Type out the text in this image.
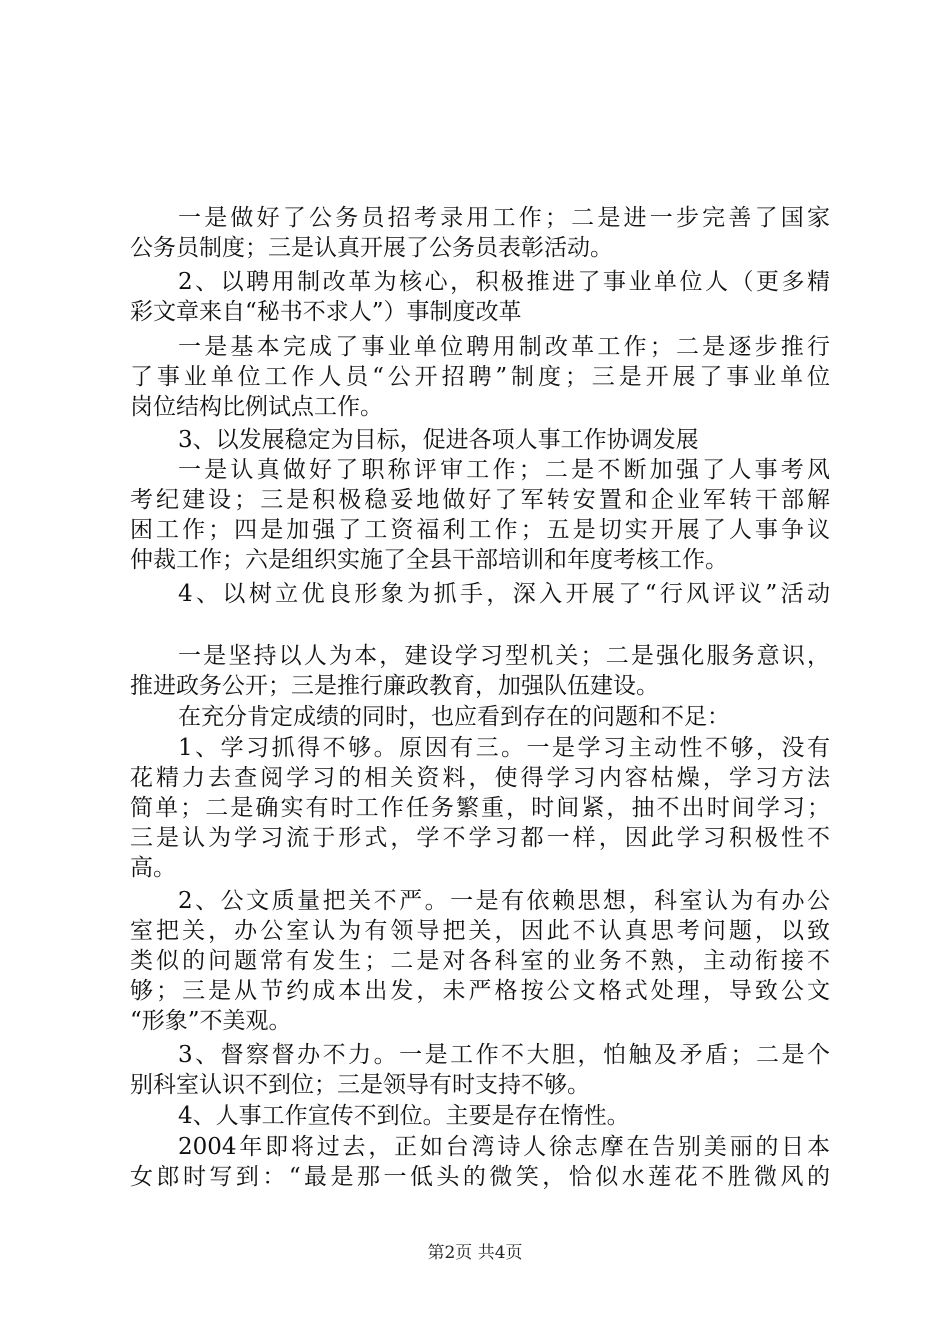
一是做好了公务员招考录用工作；二是进一步完善了国家
公务员制度；三是认真开展了公务员表彰活动。
2、以聘用制改革为核心，积极推进了事业单位人（更多精
彩文章来自“秘书不求人”）事制度改革
一是基本完成了事业单位聘用制改革工作；二是逐步推行
了事业单位工作人员“公开招聘”制度；三是开展了事业单位
岗位结构比例试点工作。
3、以发展稳定为目标，促进各项人事工作协调发展
一是认真做好了职称评审工作；二是不断加强了人事考风
考纪建设；三是积极稳妥地做好了军转安置和企业军转干部解
困工作；四是加强了工资福利工作；五是切实开展了人事争议
仲裁工作；六是组织实施了全县干部培训和年度考核工作。
4、以树立优良形象为抓手，深入开展了“行风评议”活动
一是坚持以人为本，建设学习型机关；二是强化服务意识，
推进政务公开；三是推行廉政教育，加强队伍建设。
在充分肯定成绩的同时，也应看到存在的问题和不足：
1、学习抓得不够。原因有三。一是学习主动性不够，没有
花精力去查阅学习的相关资料，使得学习内容枯燥，学习方法
简单；二是确实有时工作任务繁重，时间紧，抽不出时间学习；
三是认为学习流于形式，学不学习都一样，因此学习积极性不
高。
2、公文质量把关不严。一是有依赖思想，科室认为有办公
室把关，办公室认为有领导把关，因此不认真思考问题，以致
类似的问题常有发生；二是对各科室的业务不熟，主动衔接不
够；三是从节约成本出发，未严格按公文格式处理，导致公文
“形象”不美观。
3、督察督办不力。一是工作不大胆，怕触及矛盾；二是个
别科室认识不到位；三是领导有时支持不够。
4、人事工作宣传不到位。主要是存在惰性。
2004年即将过去，正如台湾诗人徐志摩在告别美丽的日本
女郎时写到：“最是那一低头的微笑，恰似水莲花不胜微风的
第2页 共4页
